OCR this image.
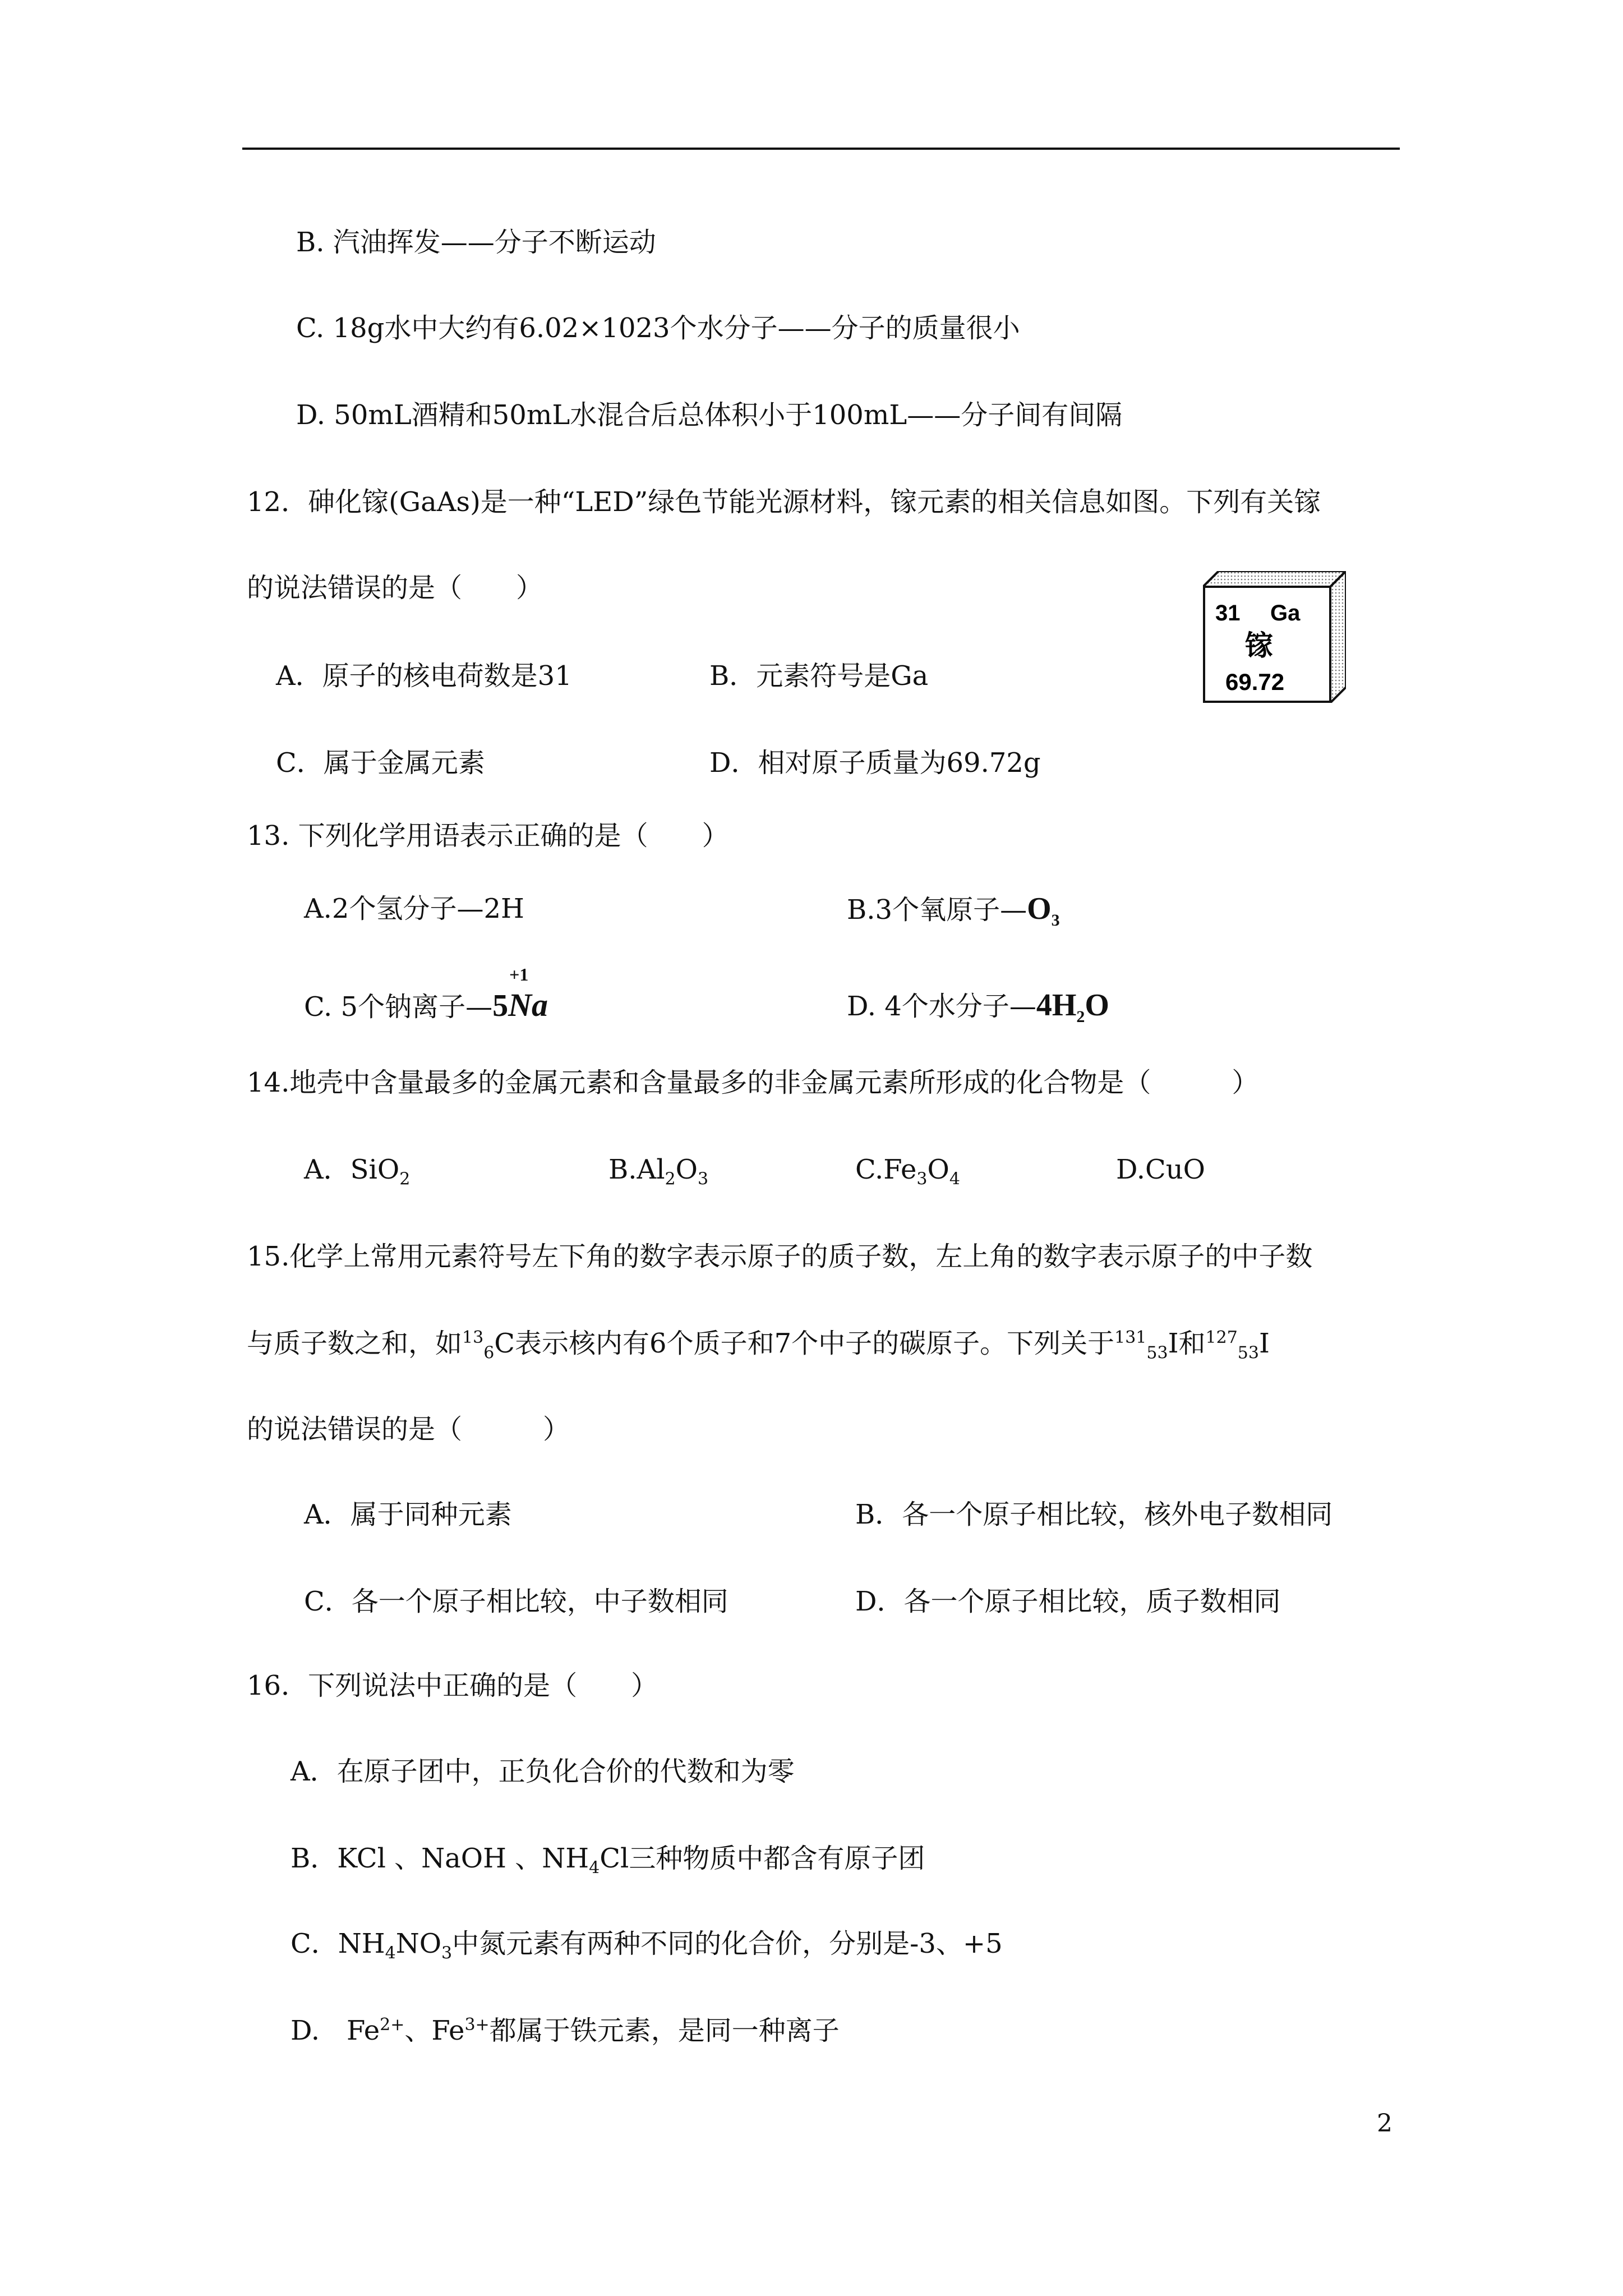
B. 汽油挥发——分子不断运动
C. 18g水中大约有6.02×1023个水分子——分子的质量很小
D. 50mL酒精和50mL水混合后总体积小于100mL——分子间有间隔
12．砷化镓(GaAs)是一种“LED”绿色节能光源材料，镓元素的相关信息如图。下列有关镓
的说法错误的是（　　）
A．原子的核电荷数是31	B．元素符号是Ga
C．属于金属元素	D．相对原子质量为69.72g
31 Ga
镓
69.72
13. 下列化学用语表示正确的是（　　）
A.2个氢分子—2H	B.3个氧原子$—O_3$
C. 5个钠离子—5
+1
Na	D. 4个水分子$—4H_2O$
14.地壳中含量最多的金属元素和含量最多的非金属元素所形成的化合物是（　　　）
A．SiO$_2$	$B.Al_2O_3$	$C.Fe_3O_4$	D.CuO
15.化学上常用元素符号左下角的数字表示原子的质子数，左上角的数字表示原子的中子数
与质子数之和，如$^{13}_6$C表示核内有6个质子和7个中子的碳原子。下列关于$^{131}_{53}$I和$^{127}_{53}$I
的说法错误的是（　　　）
A．属于同种元素	B．各一个原子相比较，核外电子数相同
C．各一个原子相比较，中子数相同	D．各一个原子相比较，质子数相同
16．下列说法中正确的是（　　）
A．在原子团中，正负化合价的代数和为零
B．KCl 、NaOH 、$NH_4Cl$三种物质中都含有原子团
C．$NH_4NO_3$中氮元素有两种不同的化合价，分别是-3、+5
D.　$Fe^{2+}$、$Fe^{3+}$都属于铁元素，是同一种离子
2
